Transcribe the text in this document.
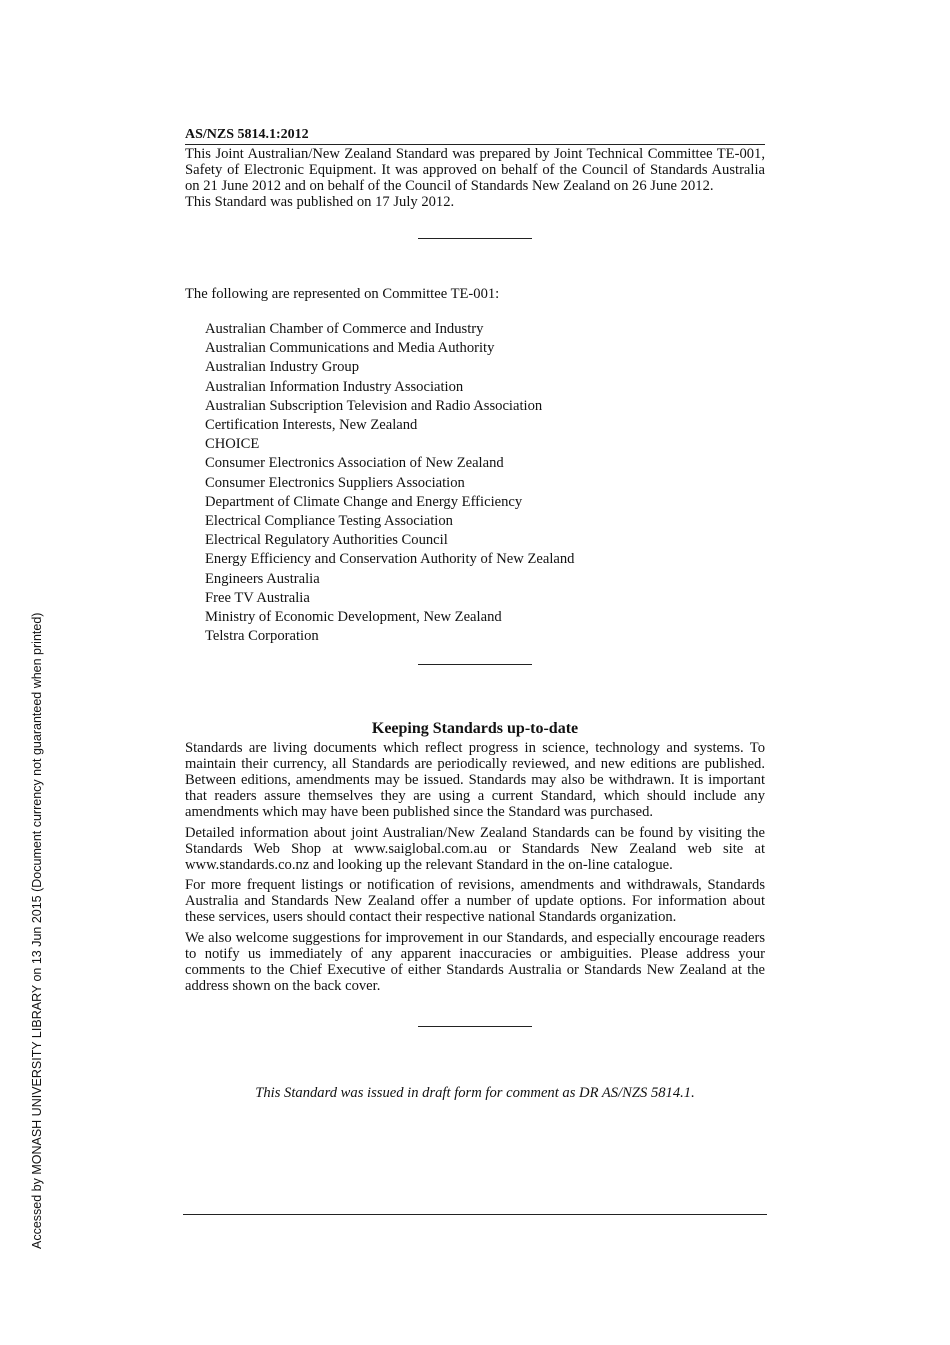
AS/NZS 5814.1:2012

This Joint Australian/New Zealand Standard was prepared by Joint Technical Committee TE-001, Safety of Electronic Equipment. It was approved on behalf of the Council of Standards Australia on 21 June 2012 and on behalf of the Council of Standards New Zealand on 26 June 2012.

This Standard was published on 17 July 2012.

The following are represented on Committee TE-001:

Australian Chamber of Commerce and Industry
Australian Communications and Media Authority
Australian Industry Group
Australian Information Industry Association
Australian Subscription Television and Radio Association
Certification Interests, New Zealand
CHOICE
Consumer Electronics Association of New Zealand
Consumer Electronics Suppliers Association
Department of Climate Change and Energy Efficiency
Electrical Compliance Testing Association
Electrical Regulatory Authorities Council
Energy Efficiency and Conservation Authority of New Zealand
Engineers Australia
Free TV Australia
Ministry of Economic Development, New Zealand
Telstra Corporation
Keeping Standards up-to-date

Standards are living documents which reflect progress in science, technology and systems. To maintain their currency, all Standards are periodically reviewed, and new editions are published. Between editions, amendments may be issued. Standards may also be withdrawn. It is important that readers assure themselves they are using a current Standard, which should include any amendments which may have been published since the Standard was purchased.

Detailed information about joint Australian/New Zealand Standards can be found by visiting the Standards Web Shop at www.saiglobal.com.au or Standards New Zealand web site at www.standards.co.nz and looking up the relevant Standard in the on-line catalogue.

For more frequent listings or notification of revisions, amendments and withdrawals, Standards Australia and Standards New Zealand offer a number of update options. For information about these services, users should contact their respective national Standards organization.

We also welcome suggestions for improvement in our Standards, and especially encourage readers to notify us immediately of any apparent inaccuracies or ambiguities. Please address your comments to the Chief Executive of either Standards Australia or Standards New Zealand at the address shown on the back cover.

This Standard was issued in draft form for comment as DR AS/NZS 5814.1.

Accessed by MONASH UNIVERSITY LIBRARY on 13 Jun 2015 (Document currency not guaranteed when printed)
